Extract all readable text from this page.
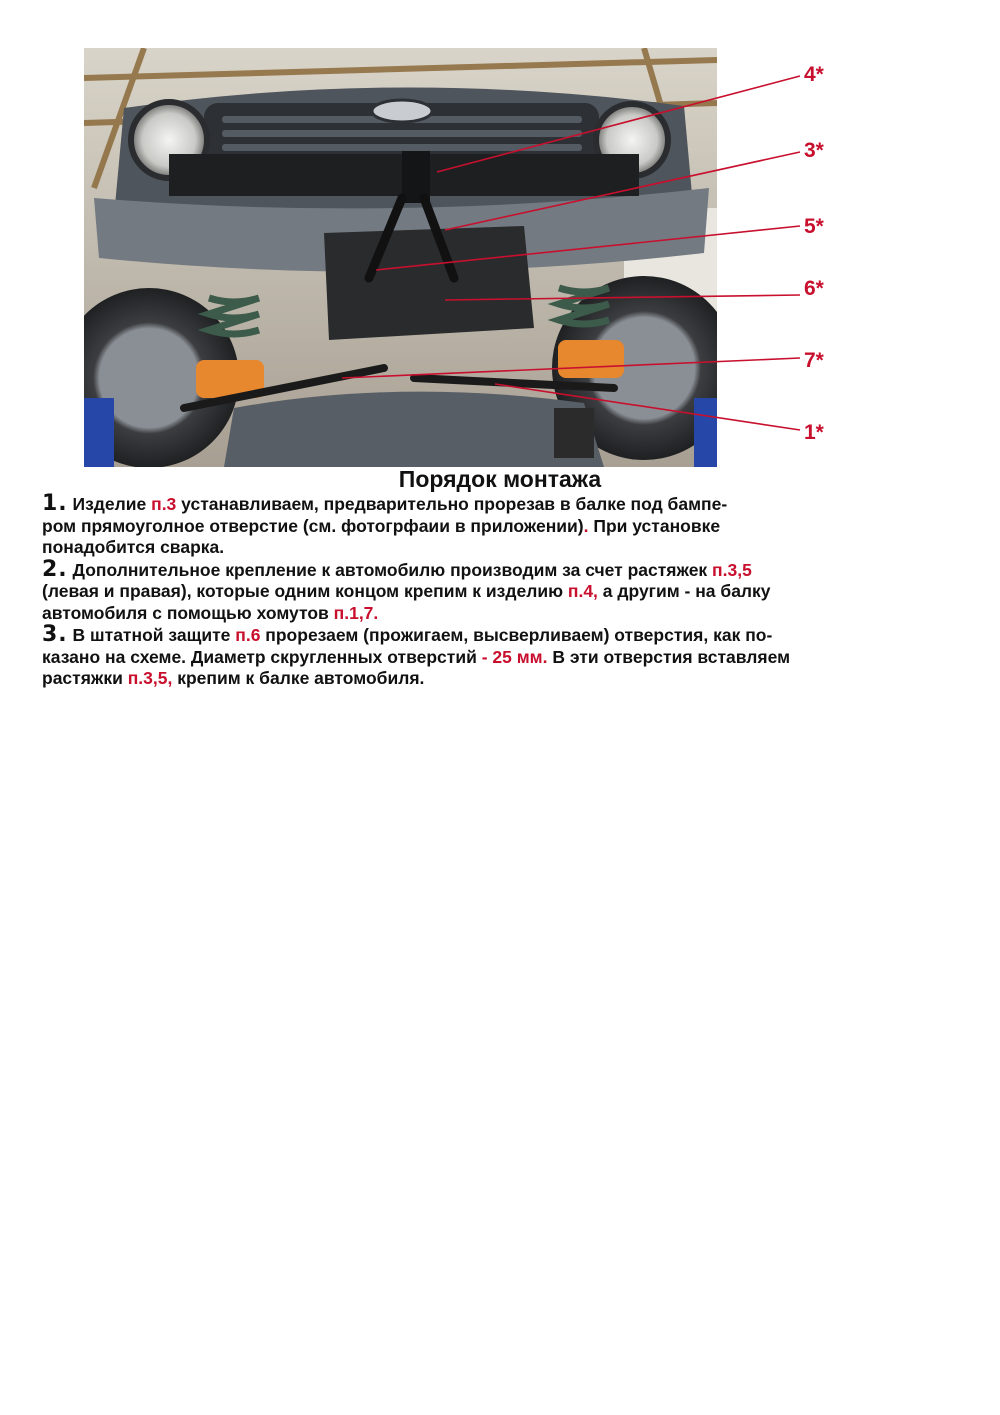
4*
3*
5*
6*
7*
1*
Порядок монтажа

1. Изделие п.3 устанавливаем, предварительно прорезав в балке под бампе-
ром прямоуголное отверстие (см. фотогрфаии в приложении). При установке
понадобится сварка.

2. Дополнительное крепление к автомобилю производим за счет растяжек п.3,5
(левая и правая), которые одним концом крепим к изделию п.4, а другим - на балку
автомобиля с помощью хомутов п.1,7.

3. В штатной защите п.6 прорезаем (прожигаем, высверливаем) отверстия, как по-
казано на схеме. Диаметр скругленных отверстий - 25 мм. В эти отверстия вставляем
растяжки п.3,5, крепим к балке автомобиля.
